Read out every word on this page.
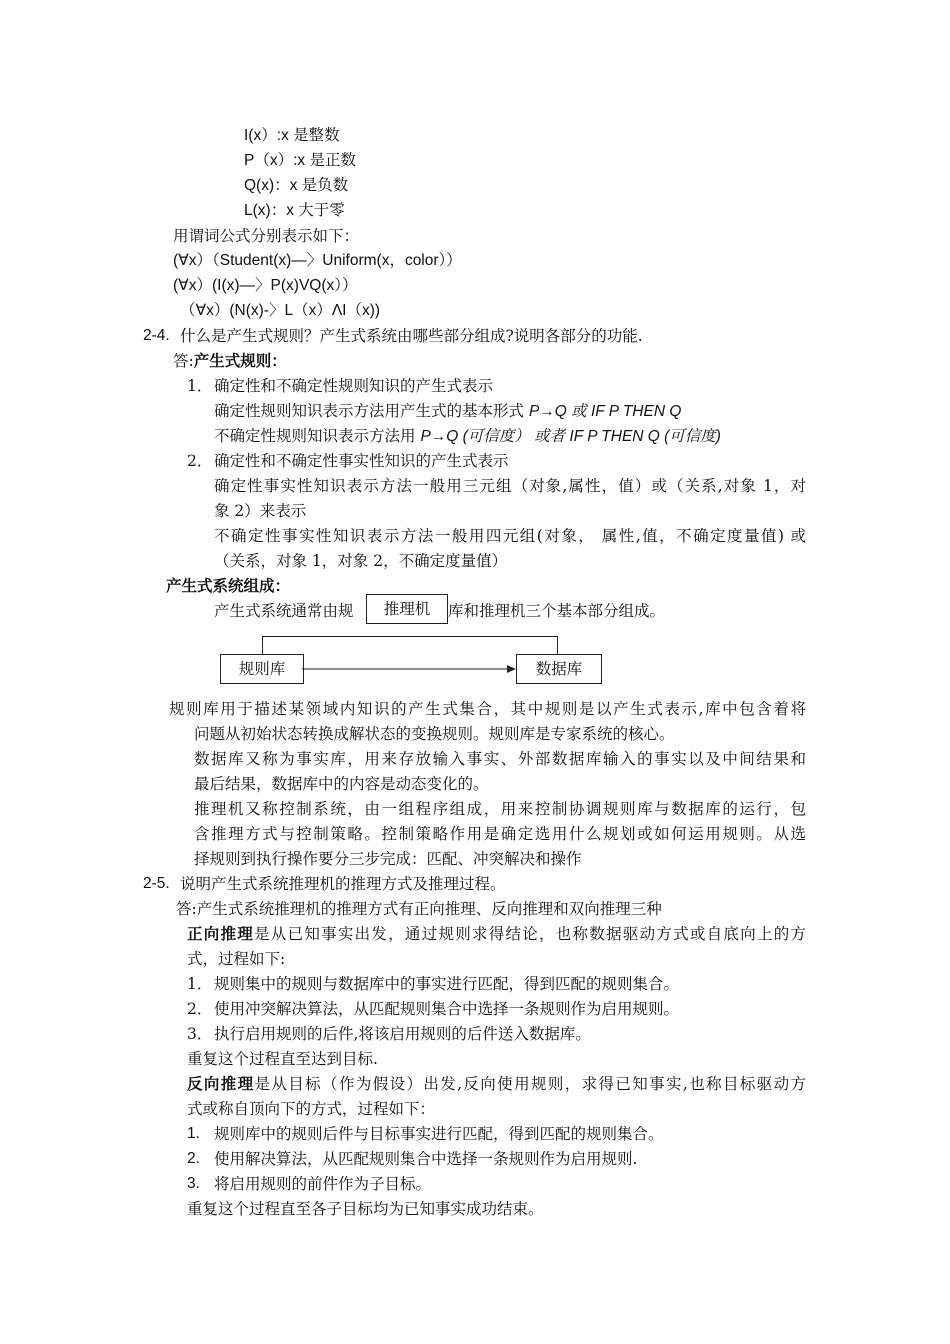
I(x）:x 是整数
P（x）:x 是正数
Q(x)：x 是负数
L(x)：x 大于零
用谓词公式分别表示如下：
(∀x）（Student(x)—〉Uniform(x，color））
(∀x）(I(x)—〉P(x)VQ(x））
（∀x）(N(x)-〉L（x）ΛI（x))
2-4. 什么是产生式规则？产生式系统由哪些部分组成?说明各部分的功能.
答:产生式规则：
1． 确定性和不确定性规则知识的产生式表示
确定性规则知识表示方法用产生式的基本形式 P→Q 或 IF P THEN Q
不确定性规则知识表示方法用 P→Q (可信度） 或者 IF P THEN Q (可信度)
2． 确定性和不确定性事实性知识的产生式表示
确定性事实性知识表示方法一般用三元组（对象,属性，值）或（关系,对象 1，对
象 2）来表示
不确定性事实性知识表示方法一般用四元组(对象， 属性,值，不确定度量值) 或
（关系，对象 1，对象 2，不确定度量值）
产生式系统组成：
产生式系统通常由规	库和推理机三个基本部分组成。
推理机
规则库	数据库
规则库用于描述某领域内知识的产生式集合，其中规则是以产生式表示,库中包含着将
问题从初始状态转换成解状态的变换规则。规则库是专家系统的核心。
数据库又称为事实库，用来存放输入事实、外部数据库输入的事实以及中间结果和
最后结果，数据库中的内容是动态变化的。
推理机又称控制系统，由一组程序组成，用来控制协调规则库与数据库的运行，包
含推理方式与控制策略。控制策略作用是确定选用什么规划或如何运用规则。从选
择规则到执行操作要分三步完成：匹配、冲突解决和操作
2-5. 说明产生式系统推理机的推理方式及推理过程。
答:产生式系统推理机的推理方式有正向推理、反向推理和双向推理三种
正向推理是从已知事实出发，通过规则求得结论，也称数据驱动方式或自底向上的方
式，过程如下:
1． 规则集中的规则与数据库中的事实进行匹配，得到匹配的规则集合。
2． 使用冲突解决算法，从匹配规则集合中选择一条规则作为启用规则。
3． 执行启用规则的后件,将该启用规则的后件送入数据库。
重复这个过程直至达到目标.
反向推理是从目标（作为假设）出发,反向使用规则，求得已知事实,也称目标驱动方
式或称自顶向下的方式，过程如下：
1. 规则库中的规则后件与目标事实进行匹配，得到匹配的规则集合。
2. 使用解决算法，从匹配规则集合中选择一条规则作为启用规则.
3. 将启用规则的前件作为子目标。
重复这个过程直至各子目标均为已知事实成功结束。
